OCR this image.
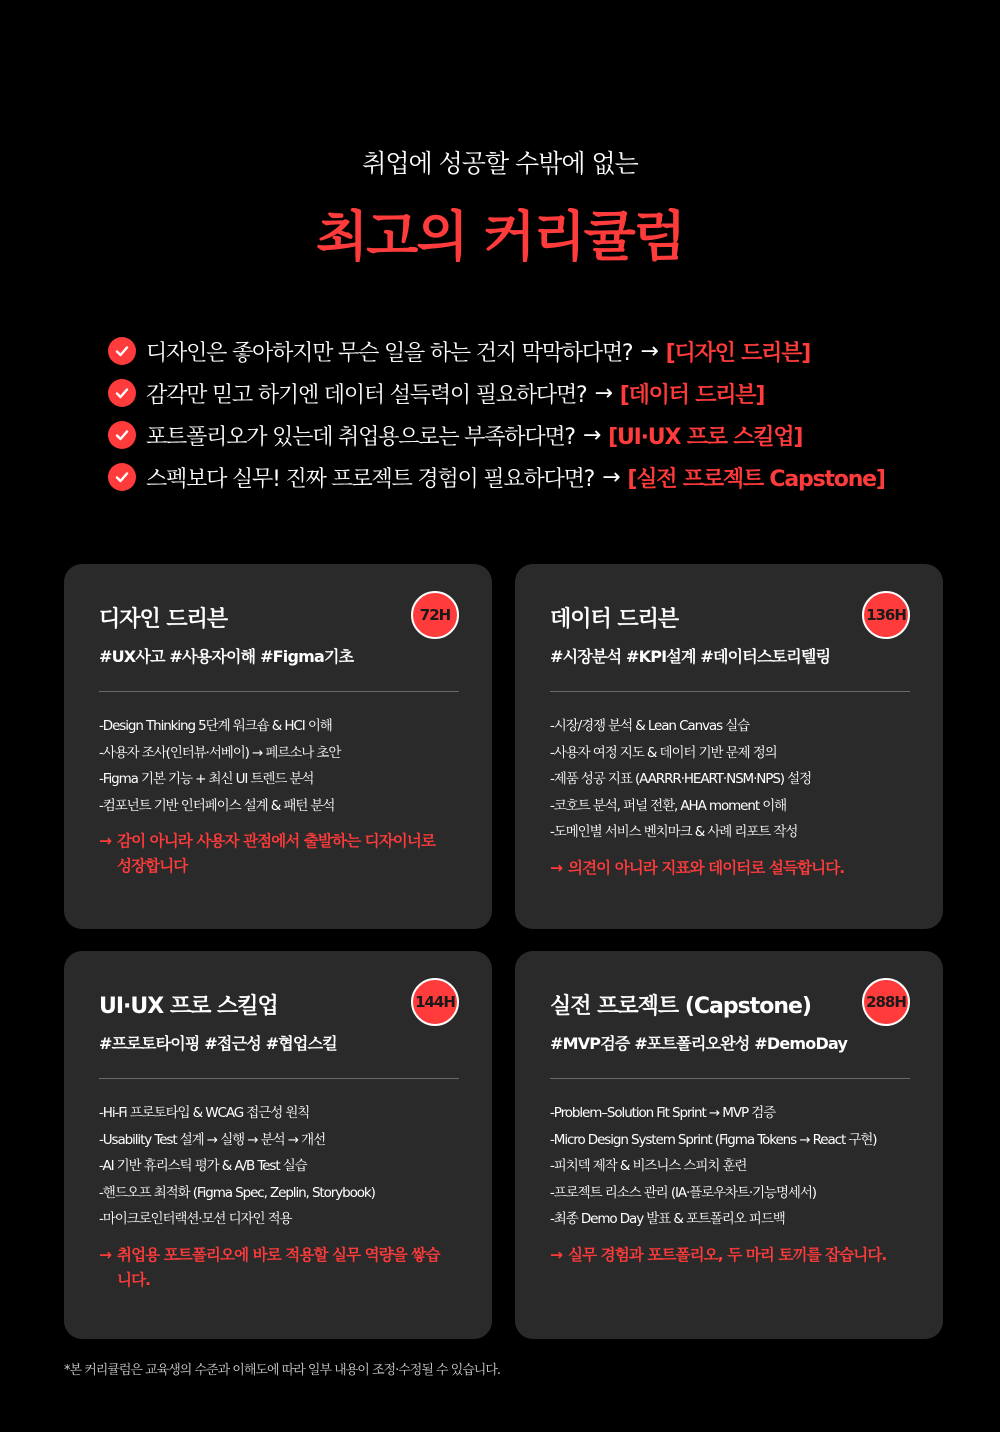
취업에 성공할 수밖에 없는
최고의 커리큘럼
디자인은 좋아하지만 무슨 일을 하는 건지 막막하다면? → [디자인 드리븐]
감각만 믿고 하기엔 데이터 설득력이 필요하다면? → [데이터 드리븐]
포트폴리오가 있는데 취업용으로는 부족하다면? → [UI·UX 프로 스킬업]
스펙보다 실무! 진짜 프로젝트 경험이 필요하다면? → [실전 프로젝트 Capstone]
디자인 드리븐	72H
#UX사고 #사용자이해 #Figma기초
-Design Thinking 5단계 워크숍 & HCI 이해
-사용자 조사(인터뷰·서베이) → 페르소나 초안
-Figma 기본 기능 + 최신 UI 트렌드 분석
-컴포넌트 기반 인터페이스 설계 & 패턴 분석
→ 감이 아니라 사용자 관점에서 출발하는 디자이너로 성장합니다
데이터 드리븐	136H
#시장분석 #KPI설계 #데이터스토리텔링
-시장/경쟁 분석 & Lean Canvas 실습
-사용자 여정 지도 & 데이터 기반 문제 정의
-제품 성공 지표 (AARRR·HEART·NSM·NPS) 설정
-코호트 분석, 퍼널 전환, AHA moment 이해
-도메인별 서비스 벤치마크 & 사례 리포트 작성
→ 의견이 아니라 지표와 데이터로 설득합니다.
UI·UX 프로 스킬업	144H
#프로토타이핑 #접근성 #협업스킬
-Hi-Fi 프로토타입 & WCAG 접근성 원칙
-Usability Test 설계 → 실행 → 분석 → 개선
-AI 기반 휴리스틱 평가 & A/B Test 실습
-핸드오프 최적화 (Figma Spec, Zeplin, Storybook)
-마이크로인터랙션·모션 디자인 적용
→ 취업용 포트폴리오에 바로 적용할 실무 역량을 쌓습니다.
실전 프로젝트 (Capstone)	288H
#MVP검증 #포트폴리오완성 #DemoDay
-Problem–Solution Fit Sprint → MVP 검증
-Micro Design System Sprint (Figma Tokens → React 구현)
-피치덱 제작 & 비즈니스 스피치 훈련
-프로젝트 리소스 관리 (IA·플로우차트·기능명세서)
-최종 Demo Day 발표 & 포트폴리오 피드백
→ 실무 경험과 포트폴리오, 두 마리 토끼를 잡습니다.
*본 커리큘럼은 교육생의 수준과 이해도에 따라 일부 내용이 조정·수정될 수 있습니다.
